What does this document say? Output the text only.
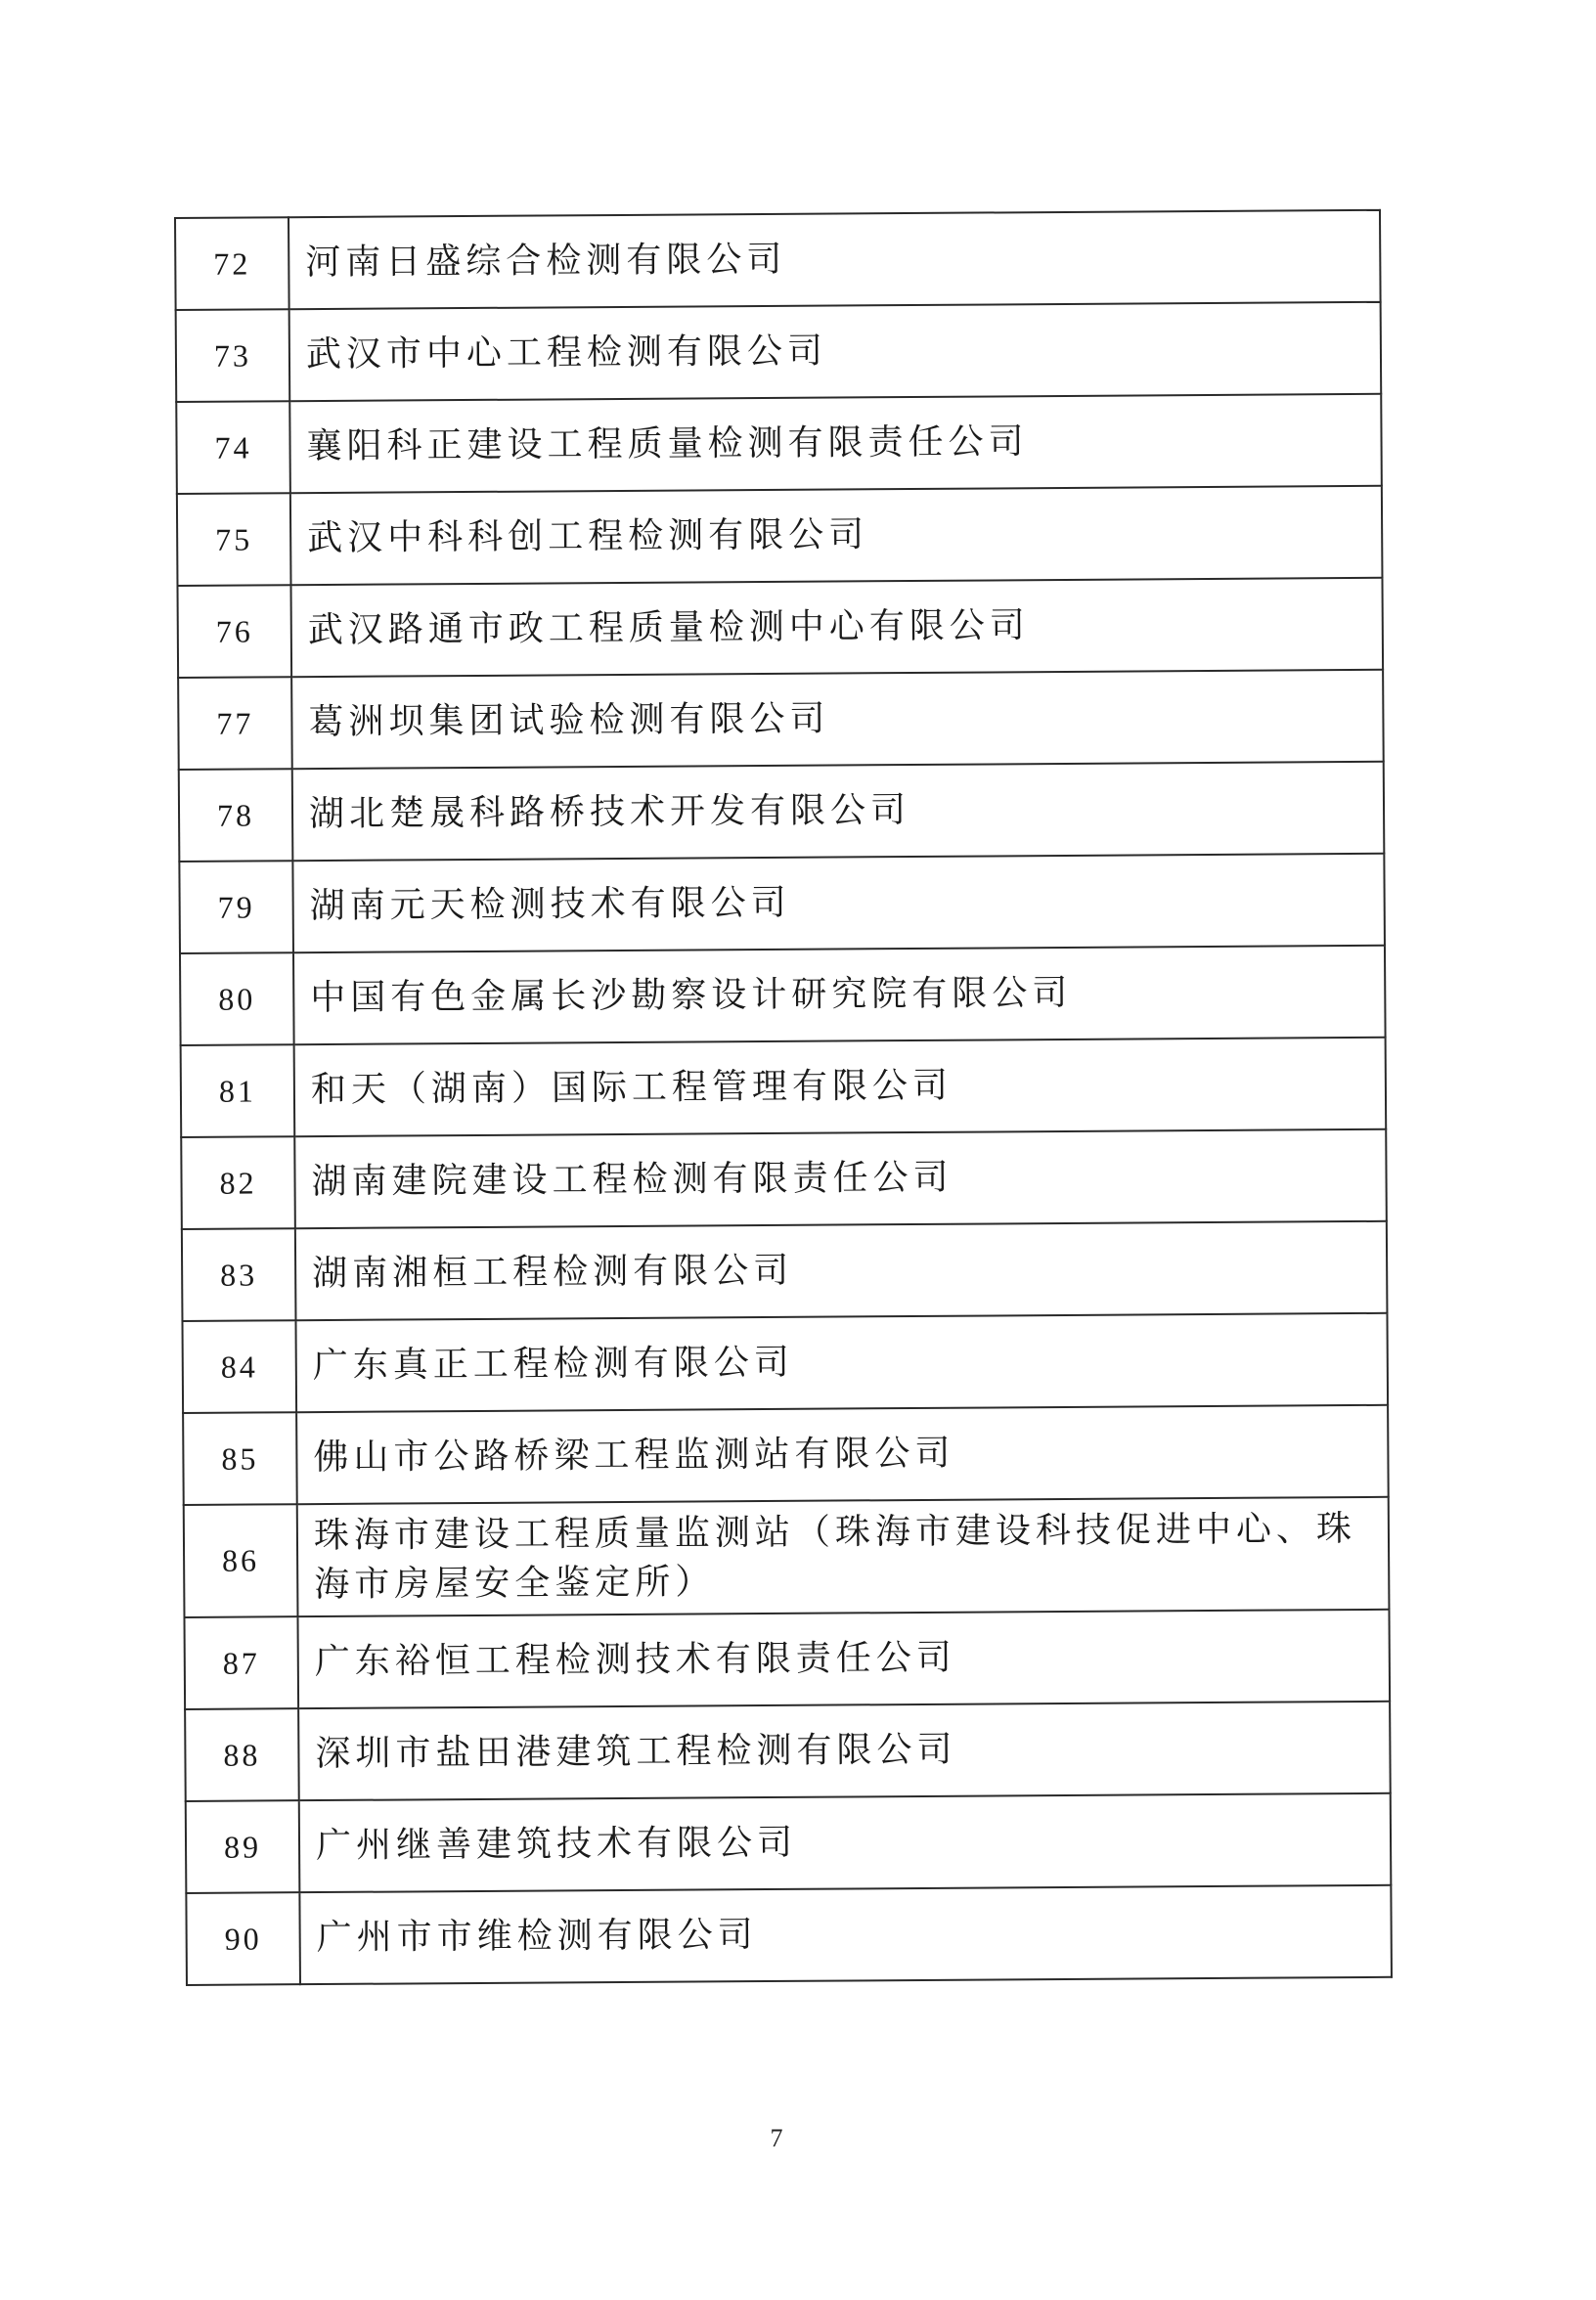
72	河南日盛综合检测有限公司
73	武汉市中心工程检测有限公司
74	襄阳科正建设工程质量检测有限责任公司
75	武汉中科科创工程检测有限公司
76	武汉路通市政工程质量检测中心有限公司
77	葛洲坝集团试验检测有限公司
78	湖北楚晟科路桥技术开发有限公司
79	湖南元天检测技术有限公司
80	中国有色金属长沙勘察设计研究院有限公司
81	和天（湖南）国际工程管理有限公司
82	湖南建院建设工程检测有限责任公司
83	湖南湘桓工程检测有限公司
84	广东真正工程检测有限公司
85	佛山市公路桥梁工程监测站有限公司
86	珠海市建设工程质量监测站（珠海市建设科技促进中心、珠海市房屋安全鉴定所）
87	广东裕恒工程检测技术有限责任公司
88	深圳市盐田港建筑工程检测有限公司
89	广州继善建筑技术有限公司
90	广州市市维检测有限公司
7
